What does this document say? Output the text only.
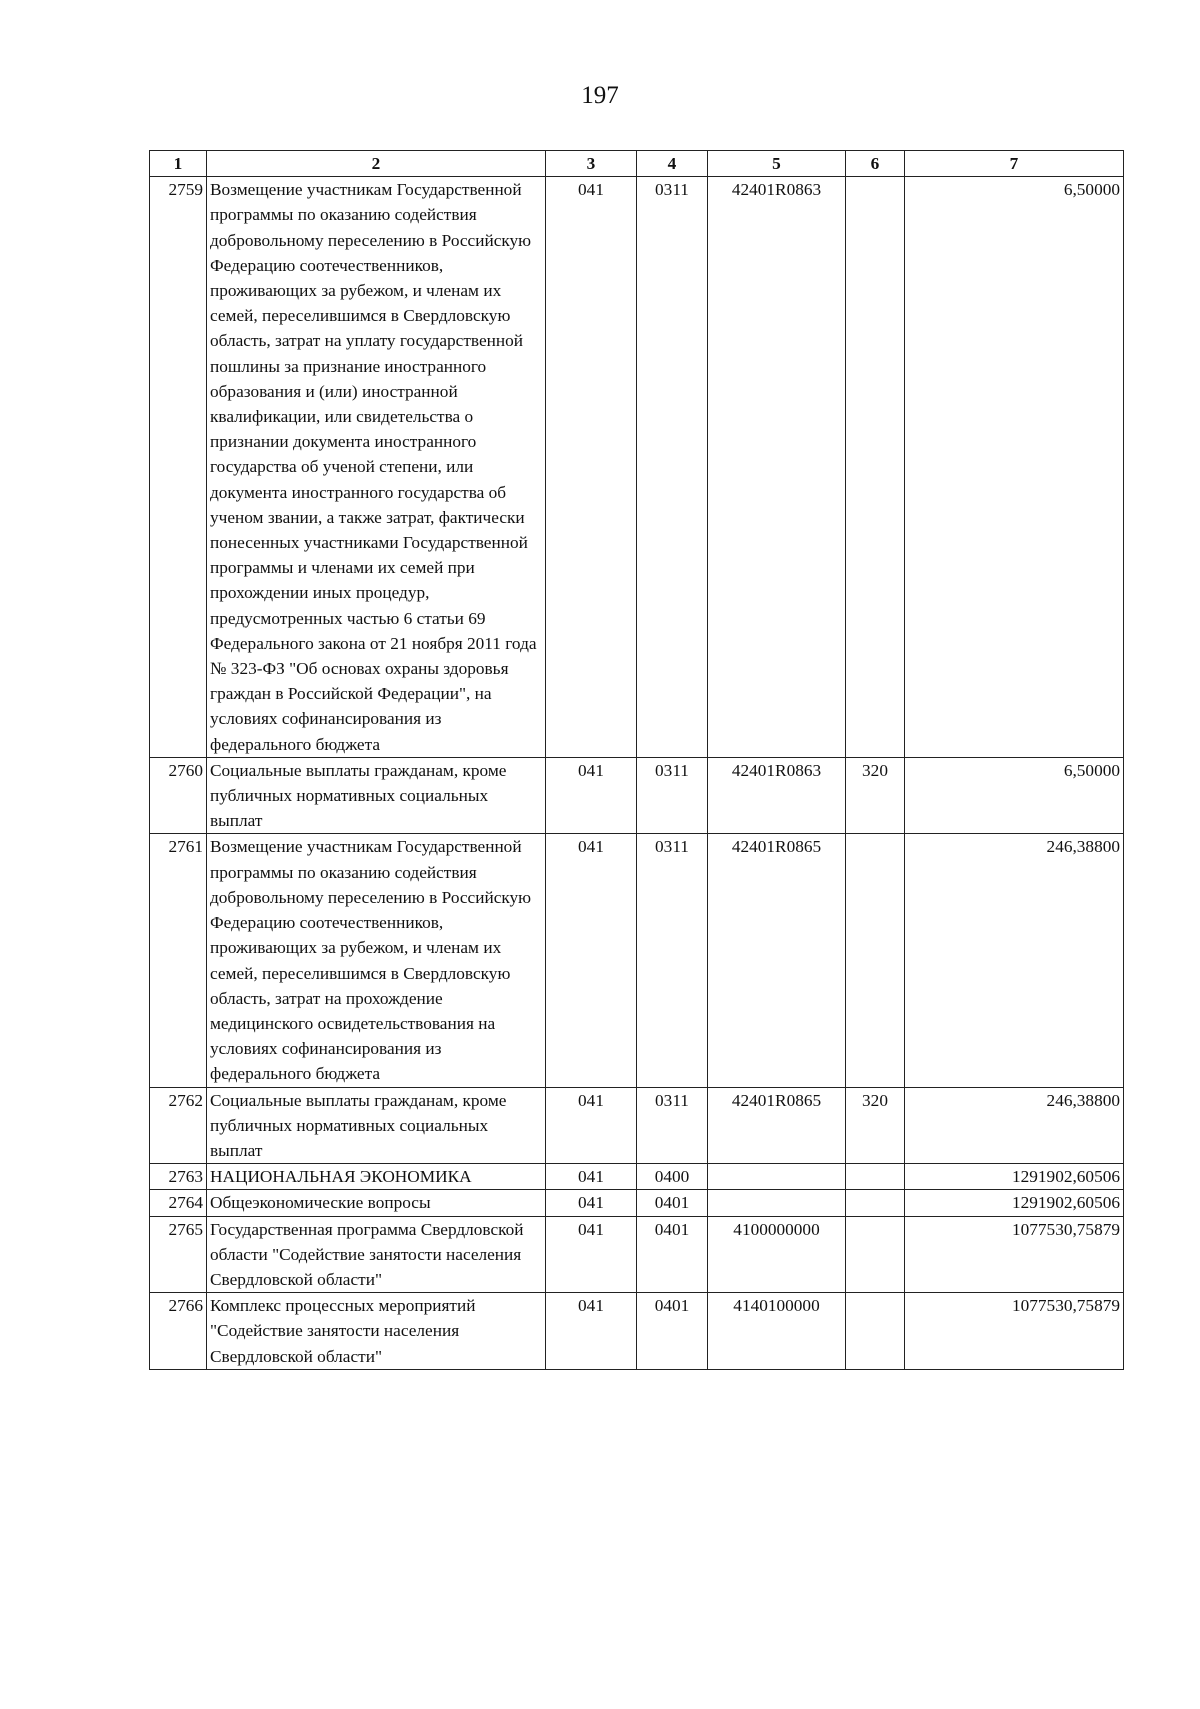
197
1	2	3	4	5	6	7
2759	Возмещение участникам Государственной программы по оказанию содействия добровольному переселению в Российскую Федерацию соотечественников, проживающих за рубежом, и членам их семей, переселившимся в Свердловскую область, затрат на уплату государственной пошлины за признание иностранного образования и (или) иностранной квалификации, или свидетельства о признании документа иностранного государства об ученой степени, или документа иностранного государства об ученом звании, а также затрат, фактически понесенных участниками Государственной программы и членами их семей при прохождении иных процедур, предусмотренных частью 6 статьи 69 Федерального закона от 21 ноября 2011 года № 323-ФЗ "Об основах охраны здоровья граждан в Российской Федерации", на условиях софинансирования из федерального бюджета	041	0311	42401R0863		6,50000
2760	Социальные выплаты гражданам, кроме публичных нормативных социальных выплат	041	0311	42401R0863	320	6,50000
2761	Возмещение участникам Государственной программы по оказанию содействия добровольному переселению в Российскую Федерацию соотечественников, проживающих за рубежом, и членам их семей, переселившимся в Свердловскую область, затрат на прохождение медицинского освидетельствования на условиях софинансирования из федерального бюджета	041	0311	42401R0865		246,38800
2762	Социальные выплаты гражданам, кроме публичных нормативных социальных выплат	041	0311	42401R0865	320	246,38800
2763	НАЦИОНАЛЬНАЯ ЭКОНОМИКА	041	0400			1291902,60506
2764	Общеэкономические вопросы	041	0401			1291902,60506
2765	Государственная программа Свердловской области "Содействие занятости населения Свердловской области"	041	0401	4100000000		1077530,75879
2766	Комплекс процессных мероприятий "Содействие занятости населения Свердловской области"	041	0401	4140100000		1077530,75879
